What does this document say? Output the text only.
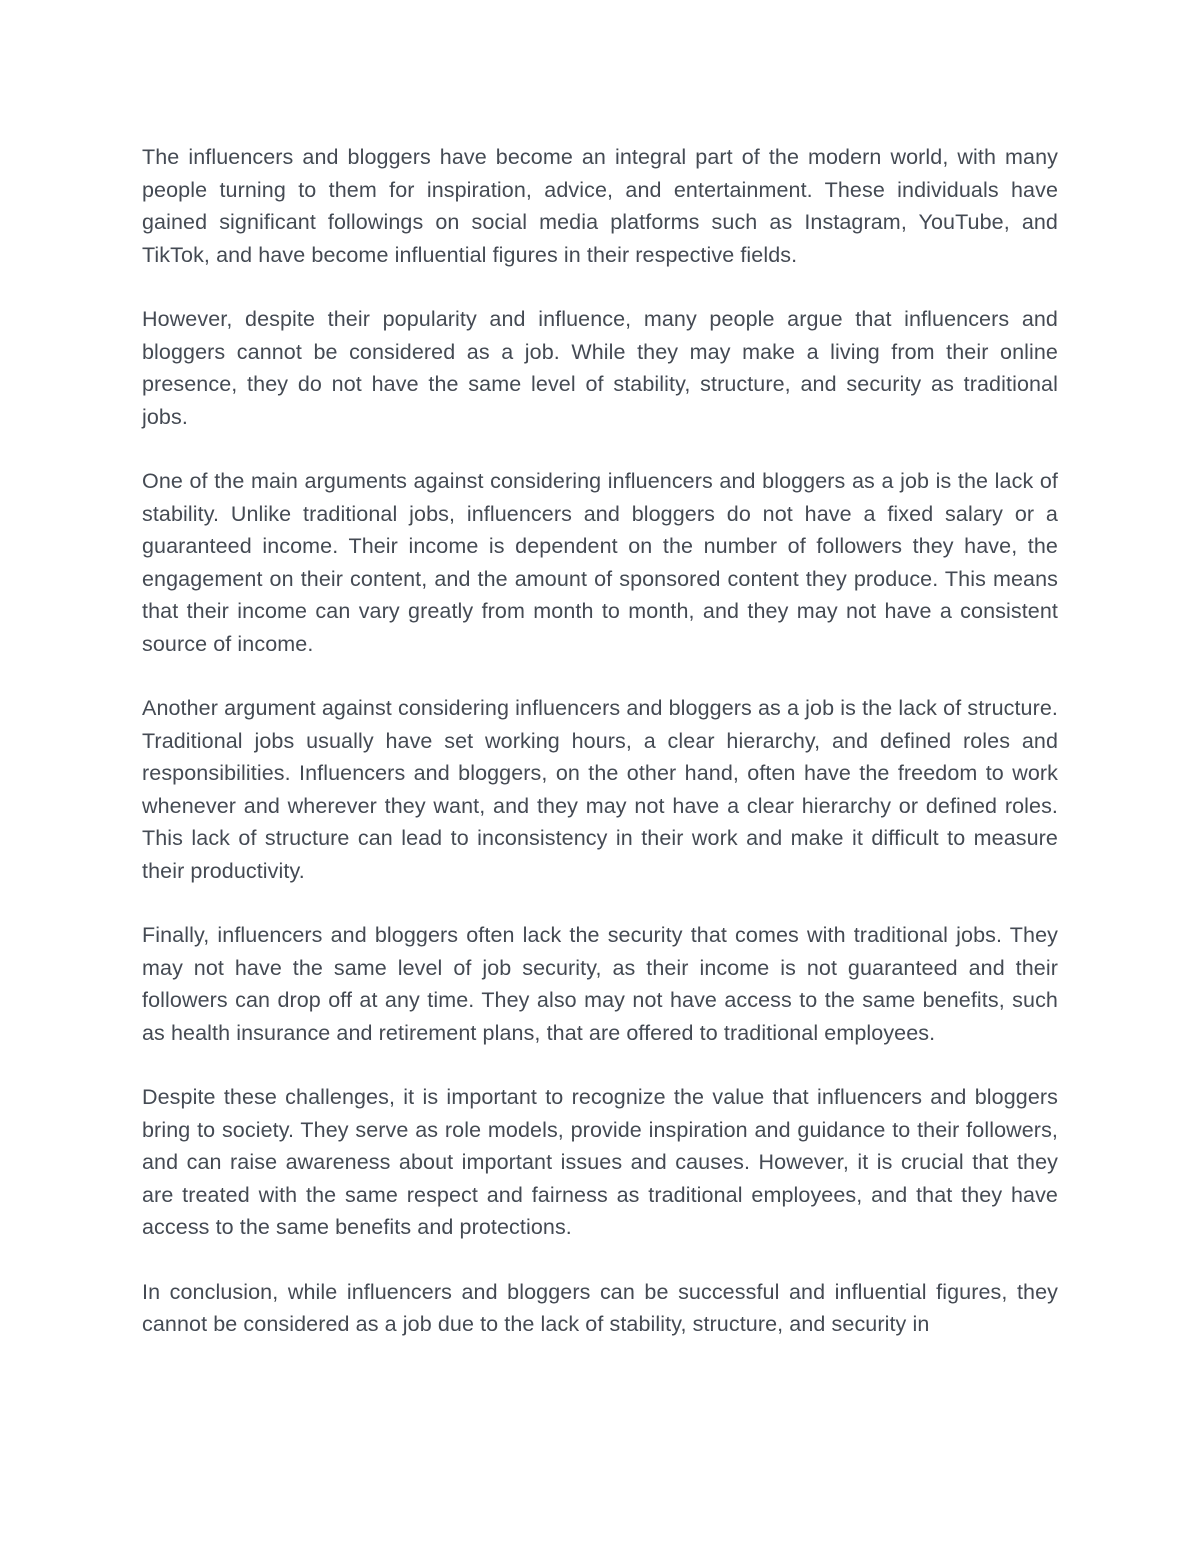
The influencers and bloggers have become an integral part of the modern world, with many people turning to them for inspiration, advice, and entertainment. These individuals have gained significant followings on social media platforms such as Instagram, YouTube, and TikTok, and have become influential figures in their respective fields.

However, despite their popularity and influence, many people argue that influencers and bloggers cannot be considered as a job. While they may make a living from their online presence, they do not have the same level of stability, structure, and security as traditional jobs.

One of the main arguments against considering influencers and bloggers as a job is the lack of stability. Unlike traditional jobs, influencers and bloggers do not have a fixed salary or a guaranteed income. Their income is dependent on the number of followers they have, the engagement on their content, and the amount of sponsored content they produce. This means that their income can vary greatly from month to month, and they may not have a consistent source of income.

Another argument against considering influencers and bloggers as a job is the lack of structure. Traditional jobs usually have set working hours, a clear hierarchy, and defined roles and responsibilities. Influencers and bloggers, on the other hand, often have the freedom to work whenever and wherever they want, and they may not have a clear hierarchy or defined roles. This lack of structure can lead to inconsistency in their work and make it difficult to measure their productivity.

Finally, influencers and bloggers often lack the security that comes with traditional jobs. They may not have the same level of job security, as their income is not guaranteed and their followers can drop off at any time. They also may not have access to the same benefits, such as health insurance and retirement plans, that are offered to traditional employees.

Despite these challenges, it is important to recognize the value that influencers and bloggers bring to society. They serve as role models, provide inspiration and guidance to their followers, and can raise awareness about important issues and causes. However, it is crucial that they are treated with the same respect and fairness as traditional employees, and that they have access to the same benefits and protections.

In conclusion, while influencers and bloggers can be successful and influential figures, they cannot be considered as a job due to the lack of stability, structure, and security in
